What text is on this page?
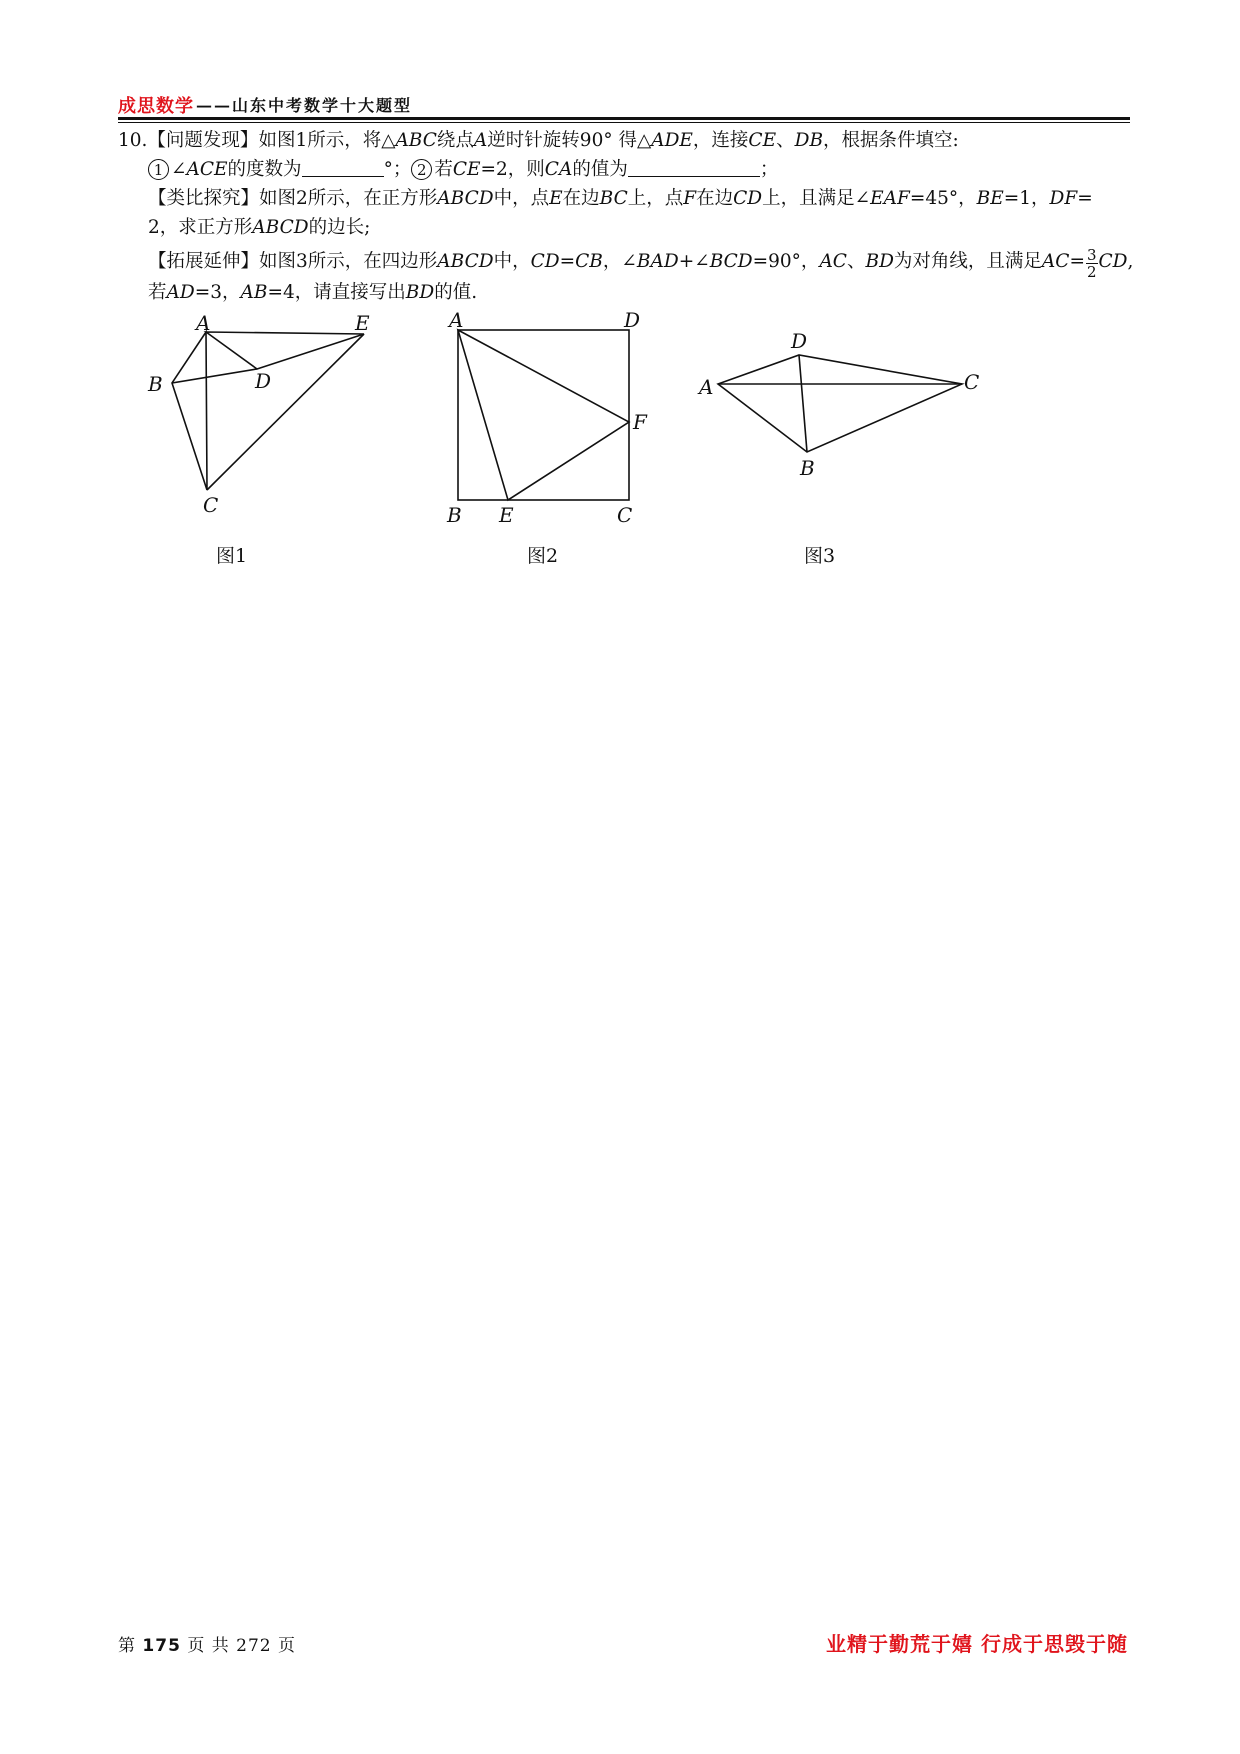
成思数学 ——山东中考数学十大题型
10.【问题发现】如图1所示，将△ABC绕点A逆时针旋转90° 得△ADE，连接CE、DB，根据条件填空:
1 ∠ACE的度数为	°； 2 若CE=2，则CA的值为	；
【类比探究】如图2所示，在正方形ABCD中，点E在边BC上，点F在边CD上，且满足∠EAF=45°，BE=1，DF=
2，求正方形ABCD的边长;
【拓展延伸】如图3所示，在四边形ABCD中，CD=CB，∠BAD+∠BCD=90°，AC、BD为对角线，且满足$AC= \frac{3}{2}$ CD,
若AD=3，AB=4，请直接写出BD的值.
A
B
C
D
E
图1
A
B	C
D
E
F
图2
A
B
C
D
图3
第 175 页 共 272 页	业精于勤荒于嬉 行成于思毁于随
